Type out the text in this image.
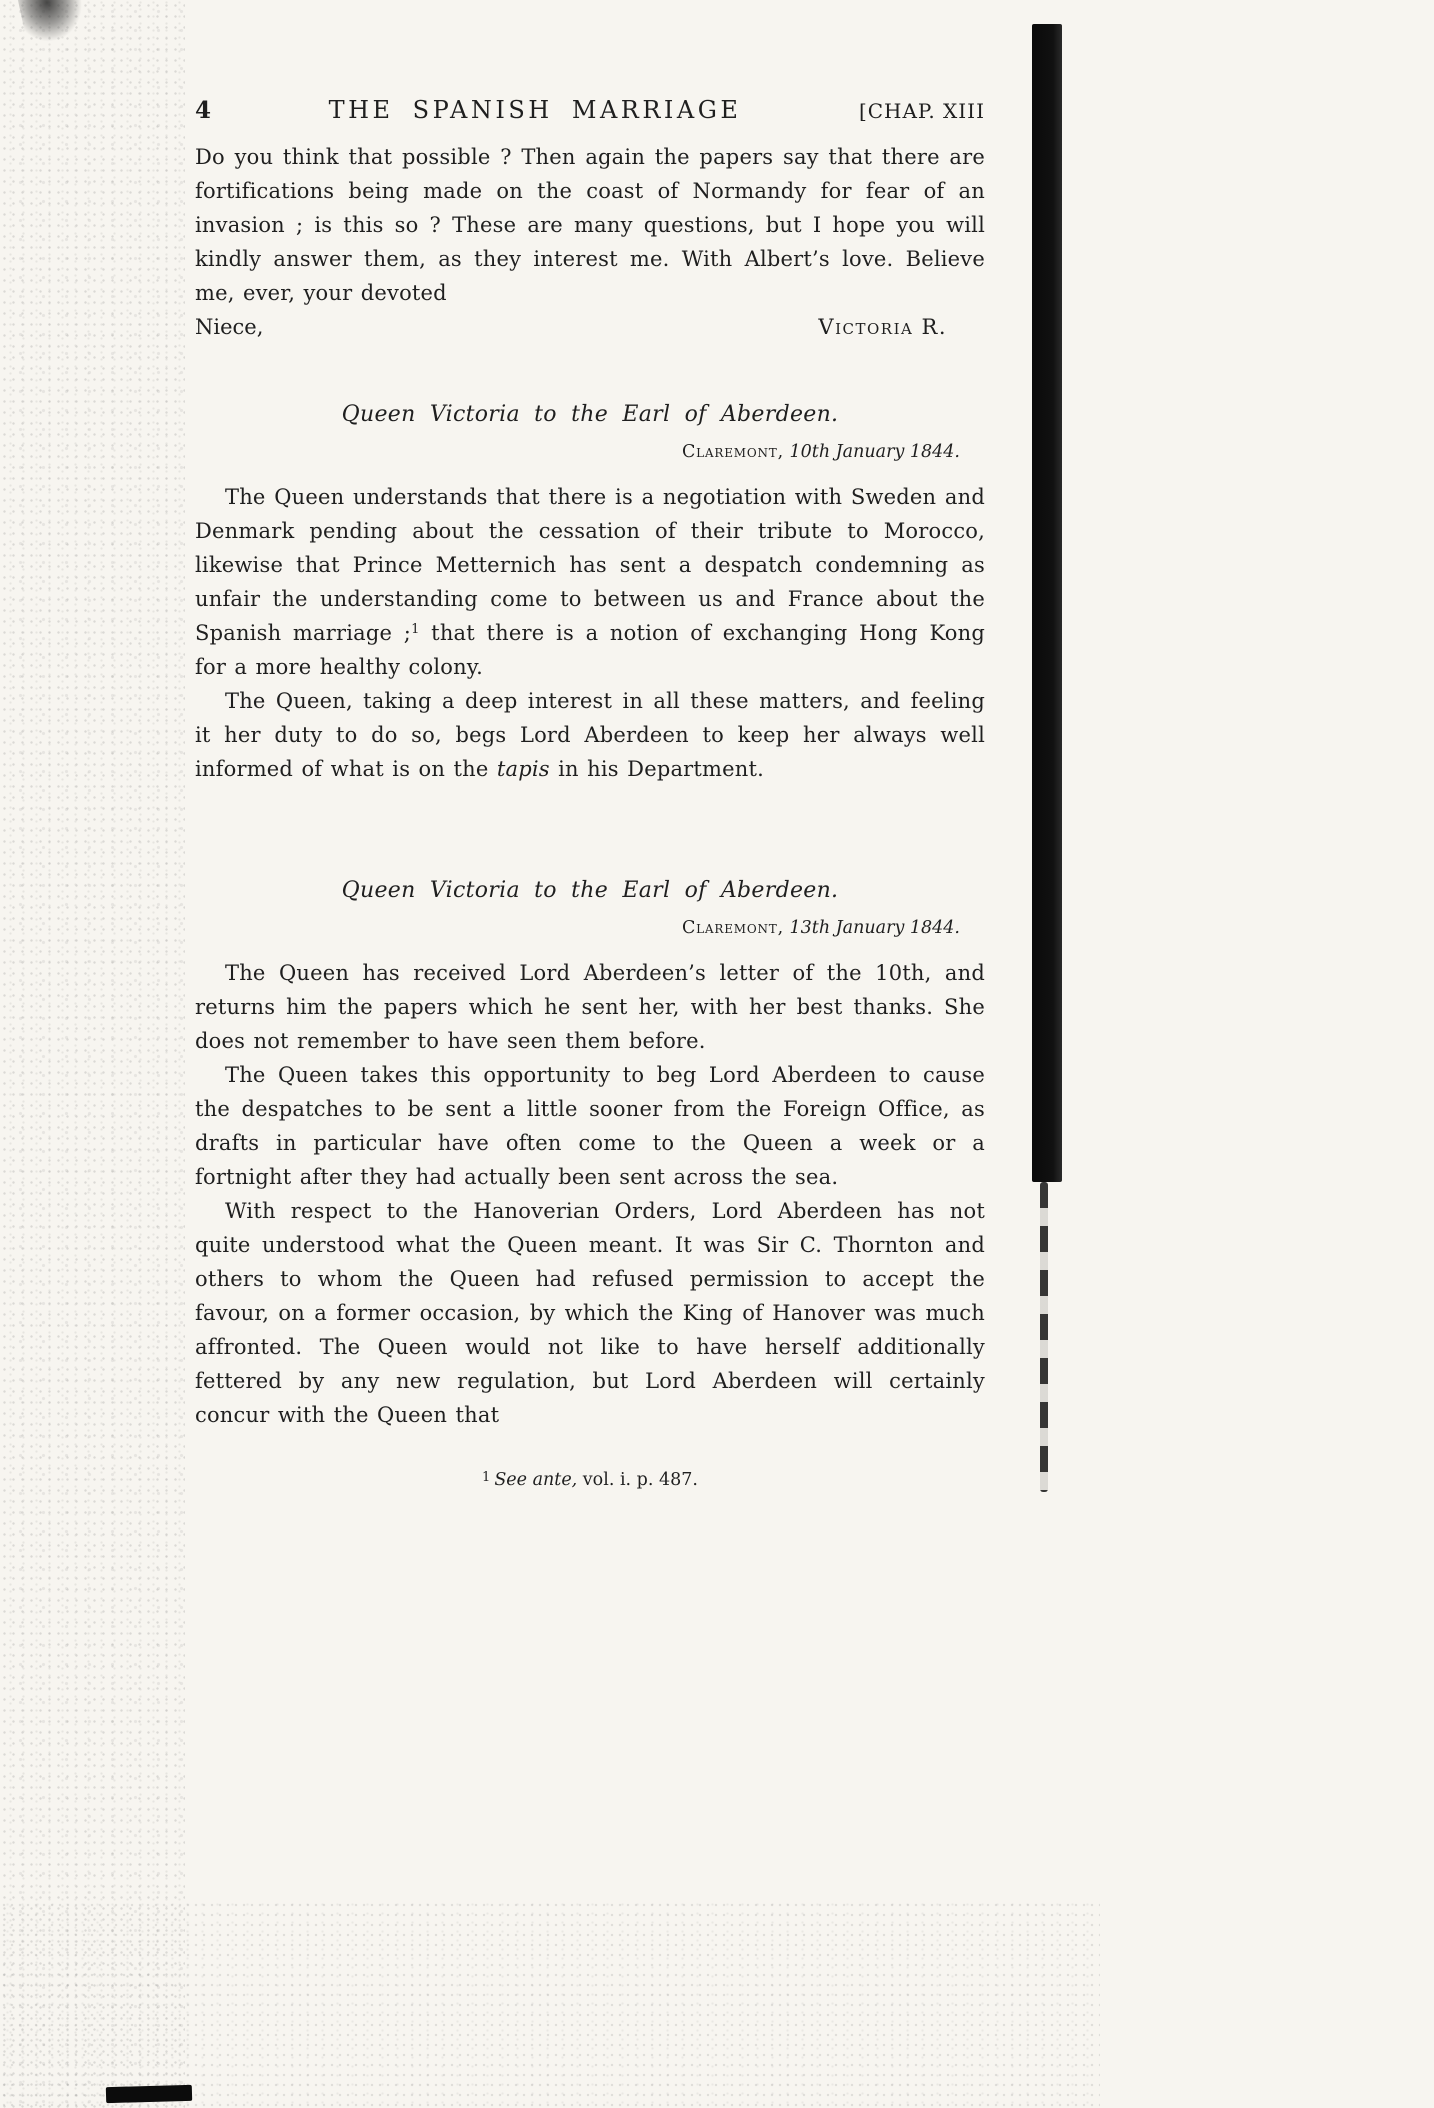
4	THE SPANISH MARRIAGE	[CHAP. XIII

Do you think that possible ? Then again the papers say that there are fortifications being made on the coast of Normandy for fear of an invasion ; is this so ? These are many questions, but I hope you will kindly answer them, as they interest me. With Albert’s love. Believe me, ever, your devoted

Niece,	Victoria R.
Queen Victoria to the Earl of Aberdeen.
Claremont, 10th January 1844.

The Queen understands that there is a negotiation with Sweden and Denmark pending about the cessation of their tribute to Morocco, likewise that Prince Metternich has sent a despatch condemning as unfair the understanding come to between us and France about the Spanish marriage ;$^1$ that there is a notion of exchanging Hong Kong for a more healthy colony.

The Queen, taking a deep interest in all these matters, and feeling it her duty to do so, begs Lord Aberdeen to keep her always well informed of what is on the tapis in his Department.

Queen Victoria to the Earl of Aberdeen.
Claremont, 13th January 1844.

The Queen has received Lord Aberdeen’s letter of the 10th, and returns him the papers which he sent her, with her best thanks. She does not remember to have seen them before.

The Queen takes this opportunity to beg Lord Aberdeen to cause the despatches to be sent a little sooner from the Foreign Office, as drafts in particular have often come to the Queen a week or a fortnight after they had actually been sent across the sea.

With respect to the Hanoverian Orders, Lord Aberdeen has not quite understood what the Queen meant. It was Sir C. Thornton and others to whom the Queen had refused permission to accept the favour, on a former occasion, by which the King of Hanover was much affronted. The Queen would not like to have herself additionally fettered by any new regulation, but Lord Aberdeen will certainly concur with the Queen that

$^1$ See ante, vol. i. p. 487.
